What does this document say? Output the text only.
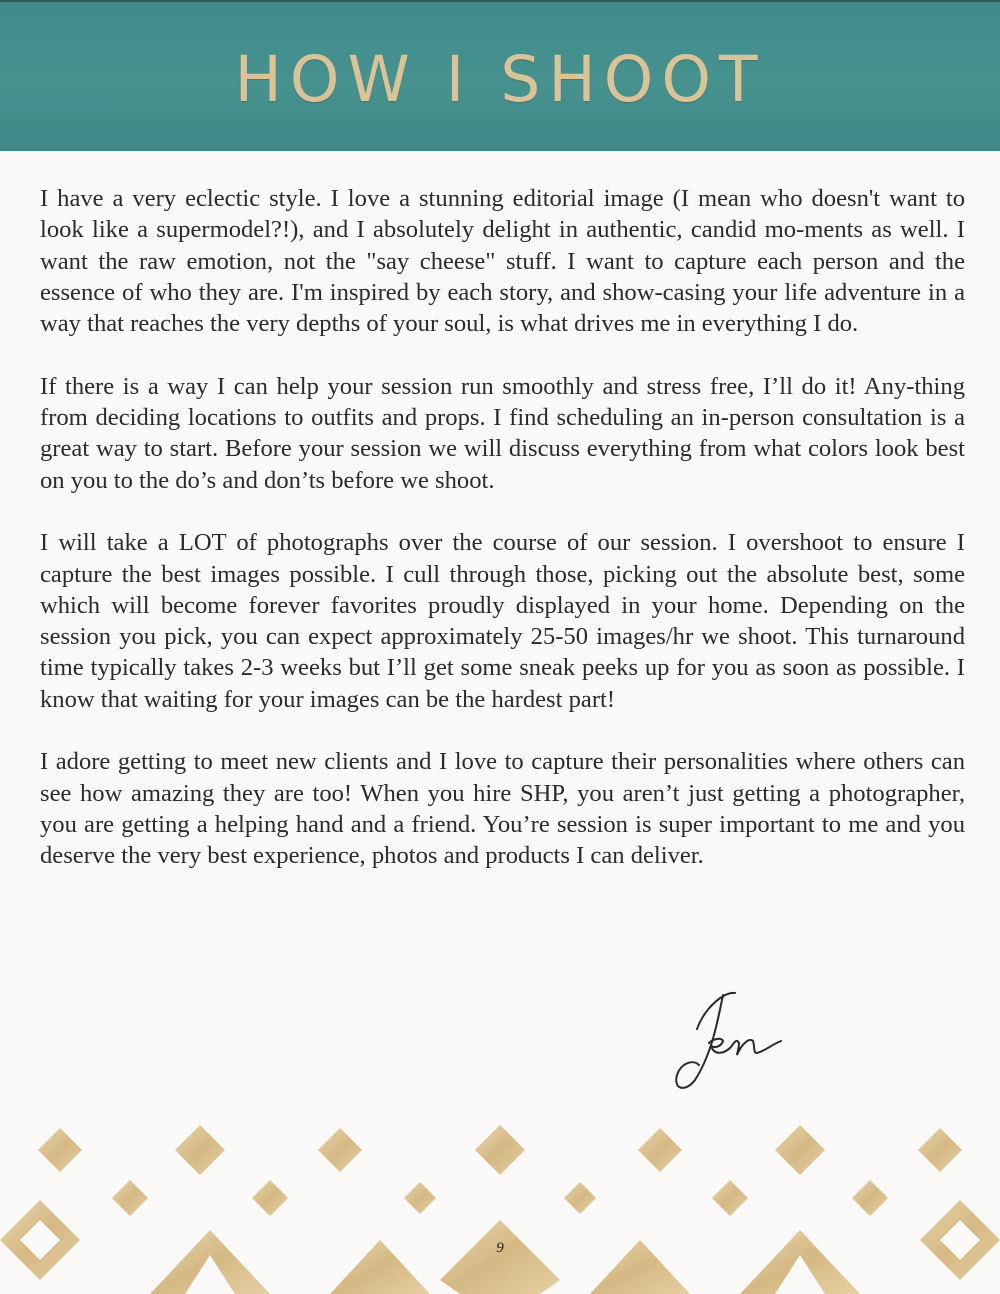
HOW I SHOOT

I have a very eclectic style. I love a stunning editorial image (I mean who doesn't want to look like a supermodel?!), and I absolutely delight in authentic, candid mo-ments as well. I want the raw emotion, not the "say cheese" stuff. I want to capture each person and the essence of who they are. I'm inspired by each story, and show-casing your life adventure in a way that reaches the very depths of your soul, is what drives me in everything I do.

If there is a way I can help your session run smoothly and stress free, I’ll do it! Any-thing from deciding locations to outfits and props. I find scheduling an in-person consultation is a great way to start. Before your session we will discuss everything from what colors look best on you to the do’s and don’ts before we shoot.

I will take a LOT of photographs over the course of our session. I overshoot to ensure I capture the best images possible. I cull through those, picking out the absolute best, some which will become forever favorites proudly displayed in your home. Depending on the session you pick, you can expect approximately 25-50 images/hr we shoot. This turnaround time typically takes 2-3 weeks but I’ll get some sneak peeks up for you as soon as possible. I know that waiting for your images can be the hardest part!

I adore getting to meet new clients and I love to capture their personalities where others can see how amazing they are too! When you hire SHP, you aren’t just getting a photographer, you are getting a helping hand and a friend. You’re session is super important to me and you deserve the very best experience, photos and products I can deliver.

9
